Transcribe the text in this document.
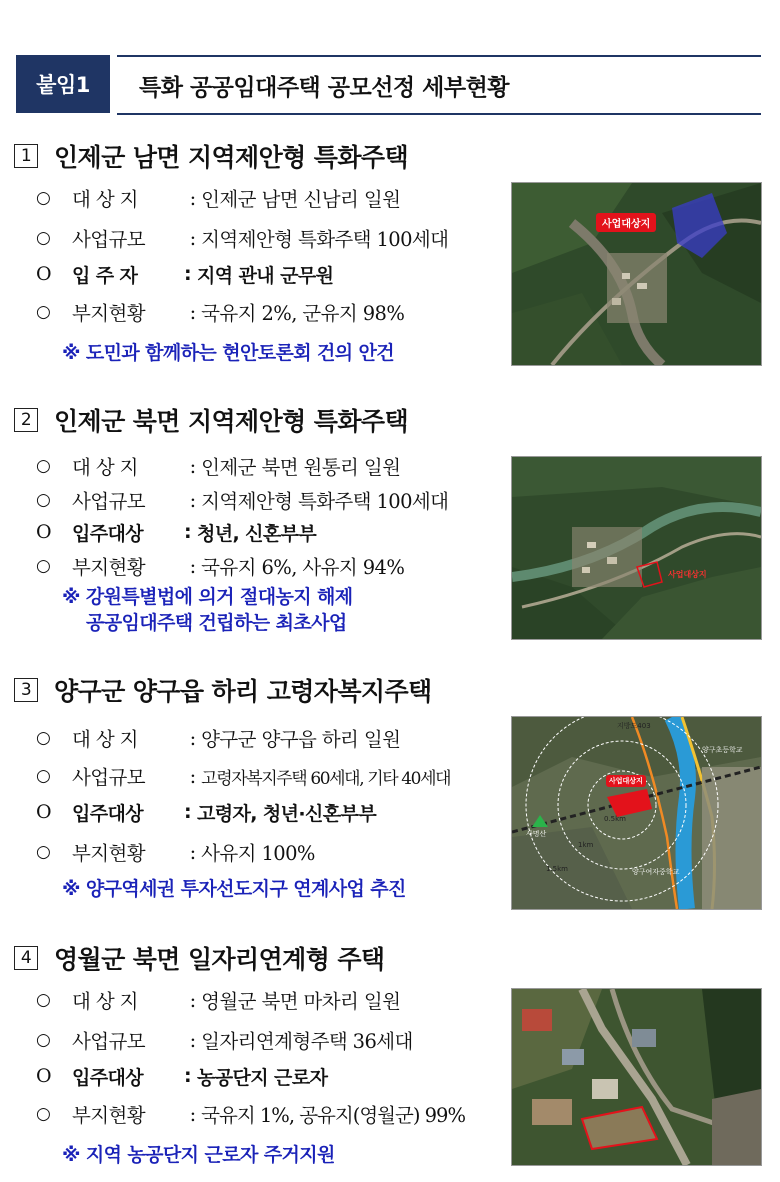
붙임1	특화 공공임대주택 공모선정 세부현황
1 인제군 남면 지역제안형 특화주택
○	대 상 지	: 인제군 남면 신남리 일원
○	사업규모	: 지역제안형 특화주택 100세대
O	입 주 자	: 지역 관내 군무원
○	부지현황	: 국유지 2%, 군유지 98%
※ 도민과 함께하는 현안토론회 건의 안건
사업대상지
2 인제군 북면 지역제안형 특화주택
○	대 상 지	: 인제군 북면 원통리 일원
○	사업규모	: 지역제안형 특화주택 100세대
O	입주대상	: 청년, 신혼부부
○	부지현황	: 국유지 6%, 사유지 94%
※ 강원특별법에 의거 절대농지 해제
공공임대주택 건립하는 최초사업
사업대상지
3 양구군 양구읍 하리 고령자복지주택
○	대 상 지	: 양구군 양구읍 하리 일원
○	사업규모	: 고령자복지주택 60세대, 기타 40세대
O	입주대상	: 고령자, 청년·신혼부부
○	부지현황	: 사유지 100%
※ 양구역세권 투자선도지구 연계사업 추진
사업대상지
지방도403
0.5km
1km
1.5km
사명산
양구초등학교
양구여자중학교
4 영월군 북면 일자리연계형 주택
○	대 상 지	: 영월군 북면 마차리 일원
○	사업규모	: 일자리연계형주택 36세대
O	입주대상	: 농공단지 근로자
○	부지현황	: 국유지 1%, 공유지(영월군) 99%
※ 지역 농공단지 근로자 주거지원
